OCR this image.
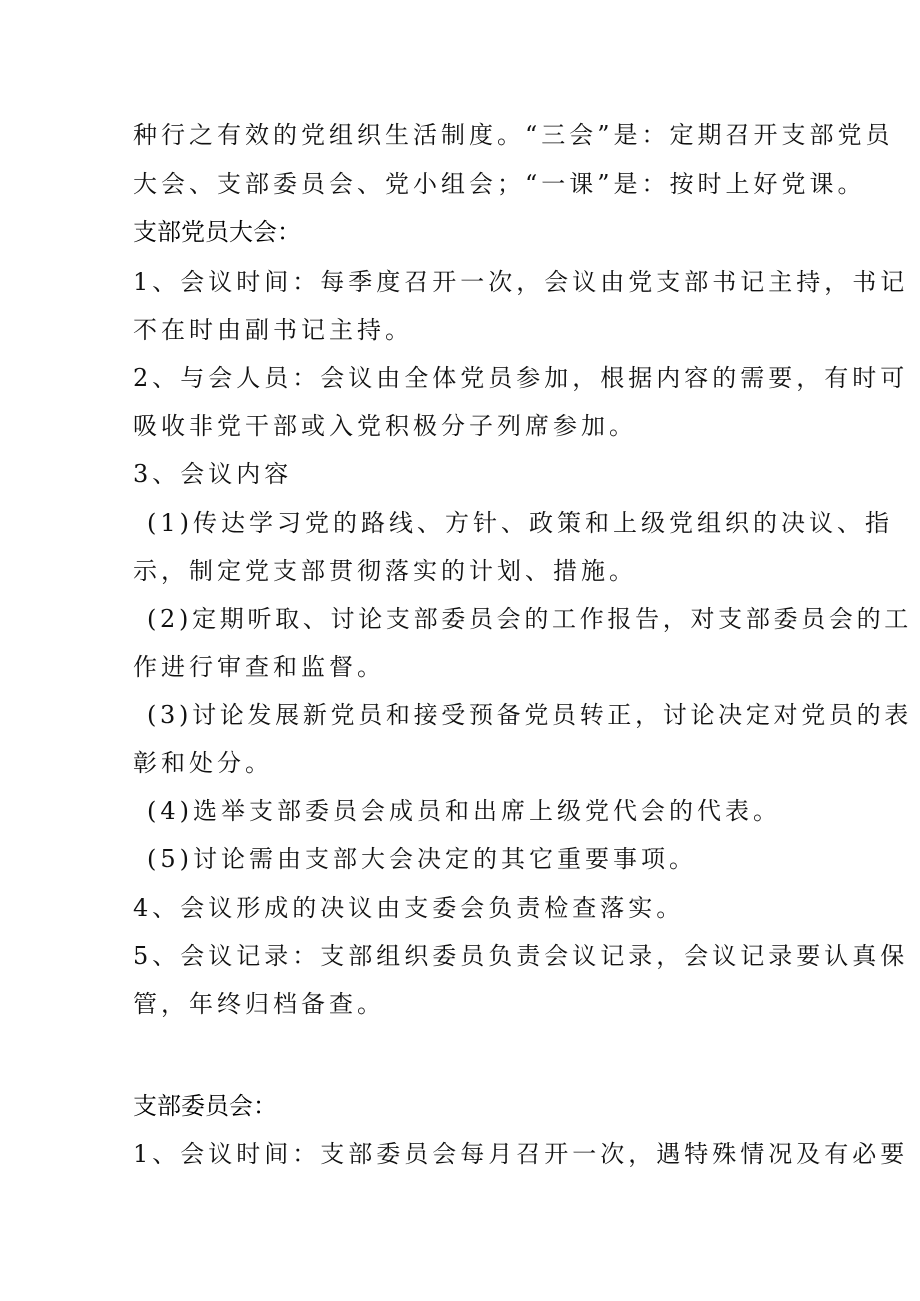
种行之有效的党组织生活制度。“三会”是：定期召开支部党员
大会、支部委员会、党小组会；“一课”是：按时上好党课。
支部党员大会：
1、会议时间：每季度召开一次，会议由党支部书记主持，书记
不在时由副书记主持。
2、与会人员：会议由全体党员参加，根据内容的需要，有时可
吸收非党干部或入党积极分子列席参加。
3、会议内容
(1)传达学习党的路线、方针、政策和上级党组织的决议、指
示，制定党支部贯彻落实的计划、措施。
(2)定期听取、讨论支部委员会的工作报告，对支部委员会的工
作进行审查和监督。
(3)讨论发展新党员和接受预备党员转正，讨论决定对党员的表
彰和处分。
(4)选举支部委员会成员和出席上级党代会的代表。
(5)讨论需由支部大会决定的其它重要事项。
4、会议形成的决议由支委会负责检查落实。
5、会议记录：支部组织委员负责会议记录，会议记录要认真保
管，年终归档备查。
支部委员会：
1、会议时间：支部委员会每月召开一次，遇特殊情况及有必要
